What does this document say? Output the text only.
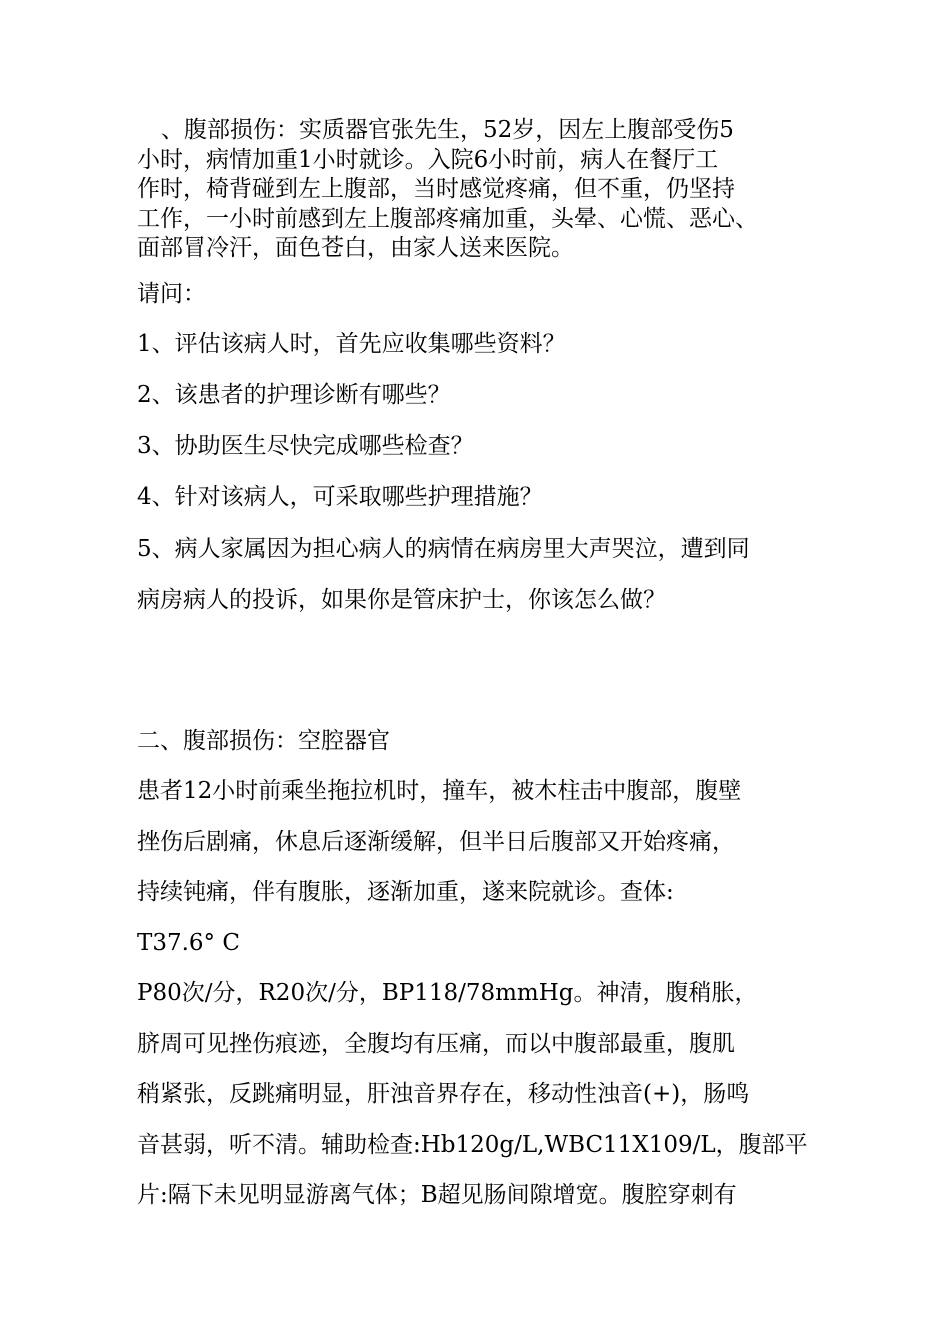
、腹部损伤：实质器官张先生，52岁，因左上腹部受伤5
小时，病情加重1小时就诊。入院6小时前，病人在餐厅工
作时，椅背碰到左上腹部，当时感觉疼痛，但不重，仍坚持
工作，一小时前感到左上腹部疼痛加重，头晕、心慌、恶心、
面部冒冷汗，面色苍白，由家人送来医院。

请问：

1、评估该病人时，首先应收集哪些资料？

2、该患者的护理诊断有哪些？

3、协助医生尽快完成哪些检查？

4、针对该病人，可采取哪些护理措施？

5、病人家属因为担心病人的病情在病房里大声哭泣，遭到同
病房病人的投诉，如果你是管床护士，你该怎么做？

二、腹部损伤：空腔器官

患者12小时前乘坐拖拉机时，撞车，被木柱击中腹部，腹壁

挫伤后剧痛，休息后逐渐缓解，但半日后腹部又开始疼痛，

持续钝痛，伴有腹胀，逐渐加重，遂来院就诊。查体:

T37.6° C

P80次/分，R20次/分，BP118/78mmHg。神清，腹稍胀，

脐周可见挫伤痕迹，全腹均有压痛，而以中腹部最重，腹肌

稍紧张，反跳痛明显，肝浊音界存在，移动性浊音(+)，肠鸣

音甚弱，听不清。辅助检查:Hb120g/L,WBC11X109/L，腹部平

片:隔下未见明显游离气体；B超见肠间隙增宽。腹腔穿刺有
